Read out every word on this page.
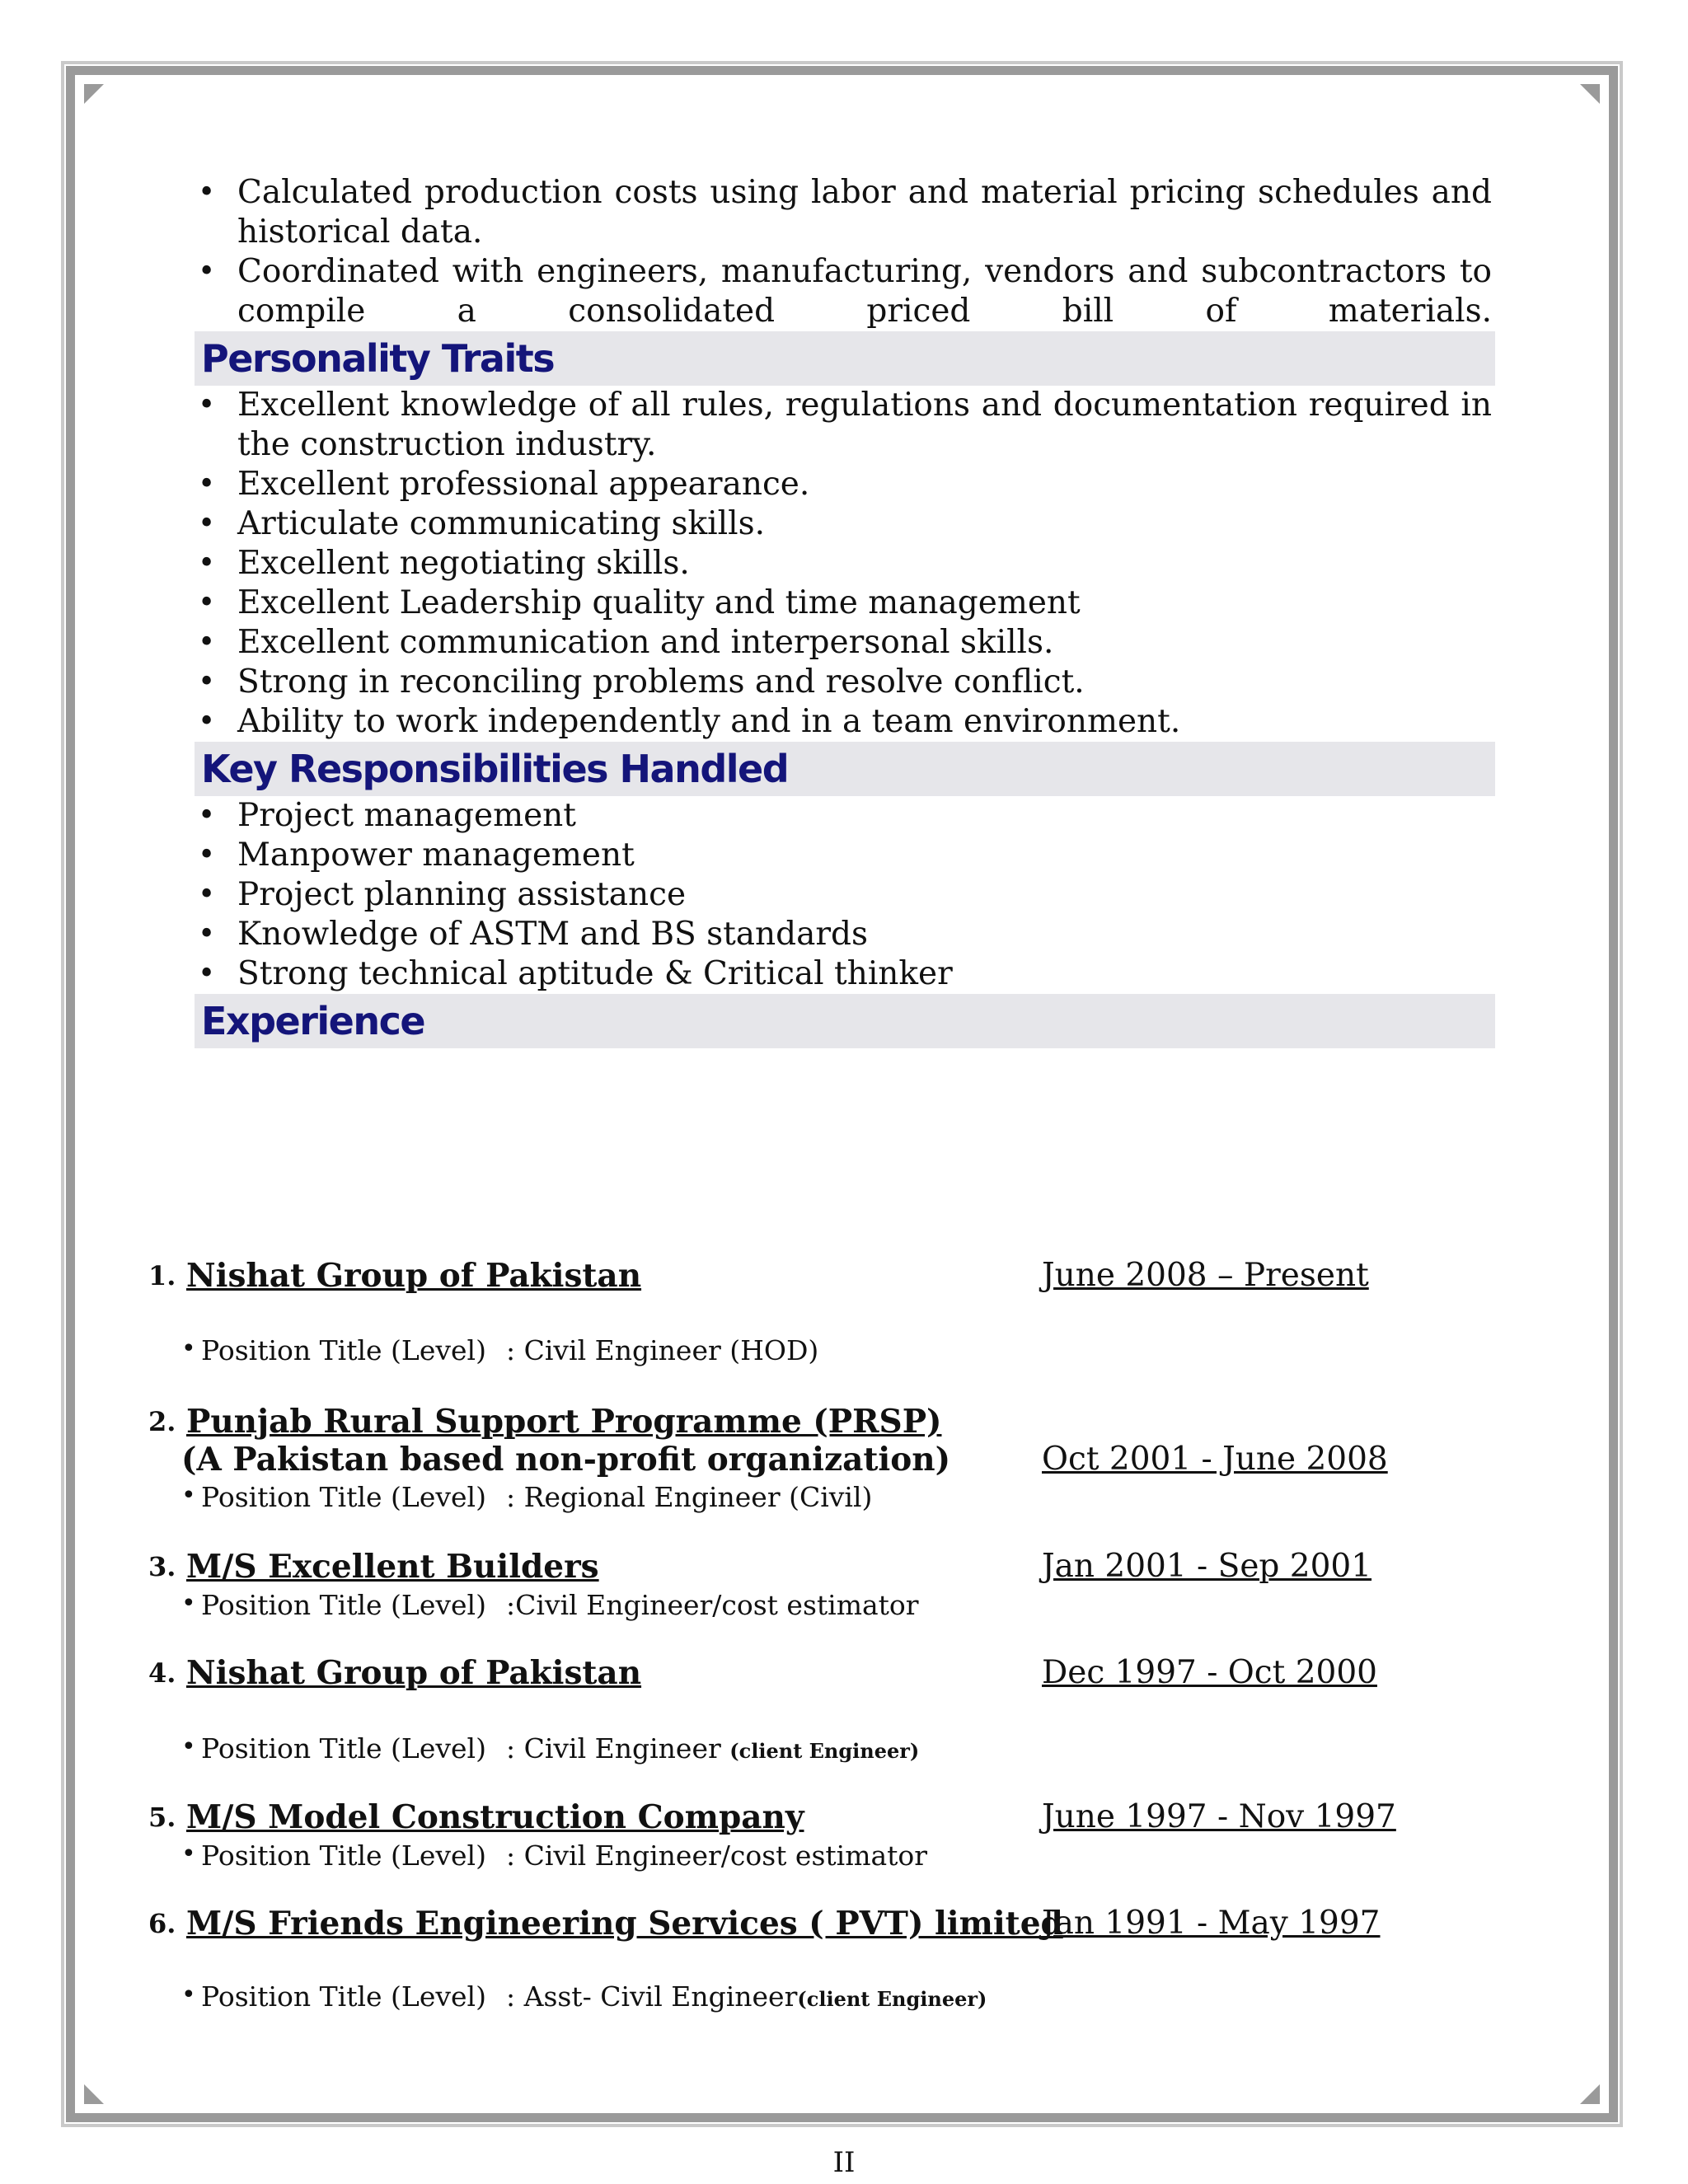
• Calculated production costs using labor and material pricing schedules and historical data.
• Coordinated with engineers, manufacturing, vendors and subcontractors to compile a consolidated priced bill of materials.
Personality Traits
• Excellent knowledge of all rules, regulations and documentation required in the construction industry.
• Excellent professional appearance.
• Articulate communicating skills.
• Excellent negotiating skills.
• Excellent Leadership quality and time management
• Excellent communication and interpersonal skills.
• Strong in reconciling problems and resolve conflict.
• Ability to work independently and in a team environment.
Key Responsibilities Handled
• Project management
• Manpower management
• Project planning assistance
• Knowledge of ASTM and BS standards
• Strong technical aptitude & Critical thinker
Experience
1. Nishat Group of Pakistan	June 2008 – Present
• Position Title (Level) : Civil Engineer (HOD)
2. Punjab Rural Support Programme (PRSP)
(A Pakistan based non-profit organization)	Oct 2001 - June 2008
• Position Title (Level) : Regional Engineer (Civil)
3. M/S Excellent Builders	Jan 2001 - Sep 2001
• Position Title (Level) :Civil Engineer/cost estimator
4. Nishat Group of Pakistan	Dec 1997 - Oct 2000
• Position Title (Level) : Civil Engineer (client Engineer)
5. M/S Model Construction Company	June 1997 - Nov 1997
• Position Title (Level) : Civil Engineer/cost estimator
6. M/S Friends Engineering Services ( PVT) limited
Jan 1991 - May 1997
• Position Title (Level) : Asst- Civil Engineer(client Engineer)
II
